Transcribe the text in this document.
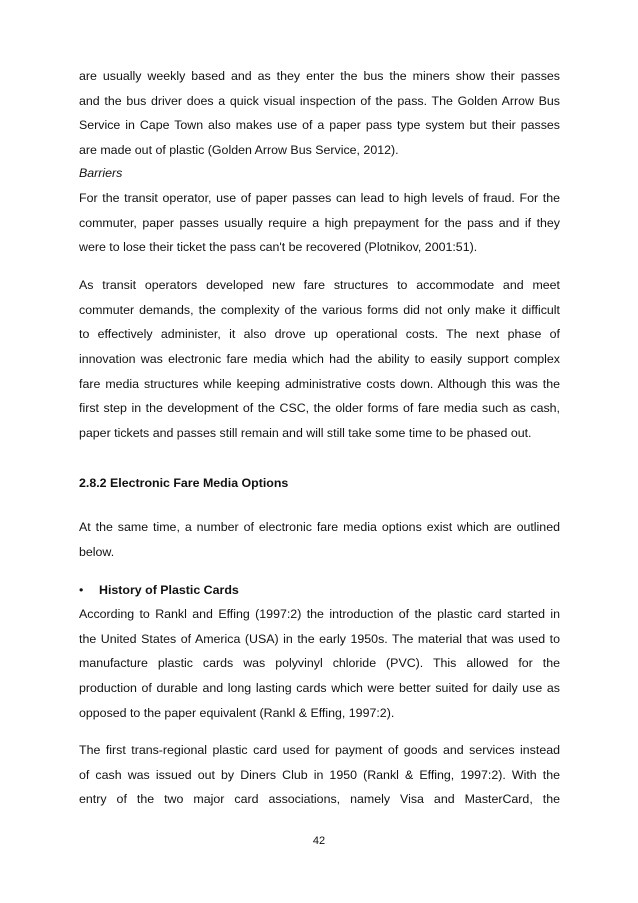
are usually weekly based and as they enter the bus the miners show their passes
and the bus driver does a quick visual inspection of the pass. The Golden Arrow Bus
Service in Cape Town also makes use of a paper pass type system but their passes
are made out of plastic (Golden Arrow Bus Service, 2012).

Barriers

For the transit operator, use of paper passes can lead to high levels of fraud. For the
commuter, paper passes usually require a high prepayment for the pass and if they
were to lose their ticket the pass can't be recovered (Plotnikov, 2001:51).

As transit operators developed new fare structures to accommodate and meet
commuter demands, the complexity of the various forms did not only make it difficult
to effectively administer, it also drove up operational costs. The next phase of
innovation was electronic fare media which had the ability to easily support complex
fare media structures while keeping administrative costs down. Although this was the
first step in the development of the CSC, the older forms of fare media such as cash,
paper tickets and passes still remain and will still take some time to be phased out.

2.8.2 Electronic Fare Media Options

At the same time, a number of electronic fare media options exist which are outlined
below.

• History of Plastic Cards

According to Rankl and Effing (1997:2) the introduction of the plastic card started in
the United States of America (USA) in the early 1950s. The material that was used to
manufacture plastic cards was polyvinyl chloride (PVC). This allowed for the
production of durable and long lasting cards which were better suited for daily use as
opposed to the paper equivalent (Rankl & Effing, 1997:2).

The first trans-regional plastic card used for payment of goods and services instead
of cash was issued out by Diners Club in 1950 (Rankl & Effing, 1997:2). With the
entry of the two major card associations, namely Visa and MasterCard, the

42
